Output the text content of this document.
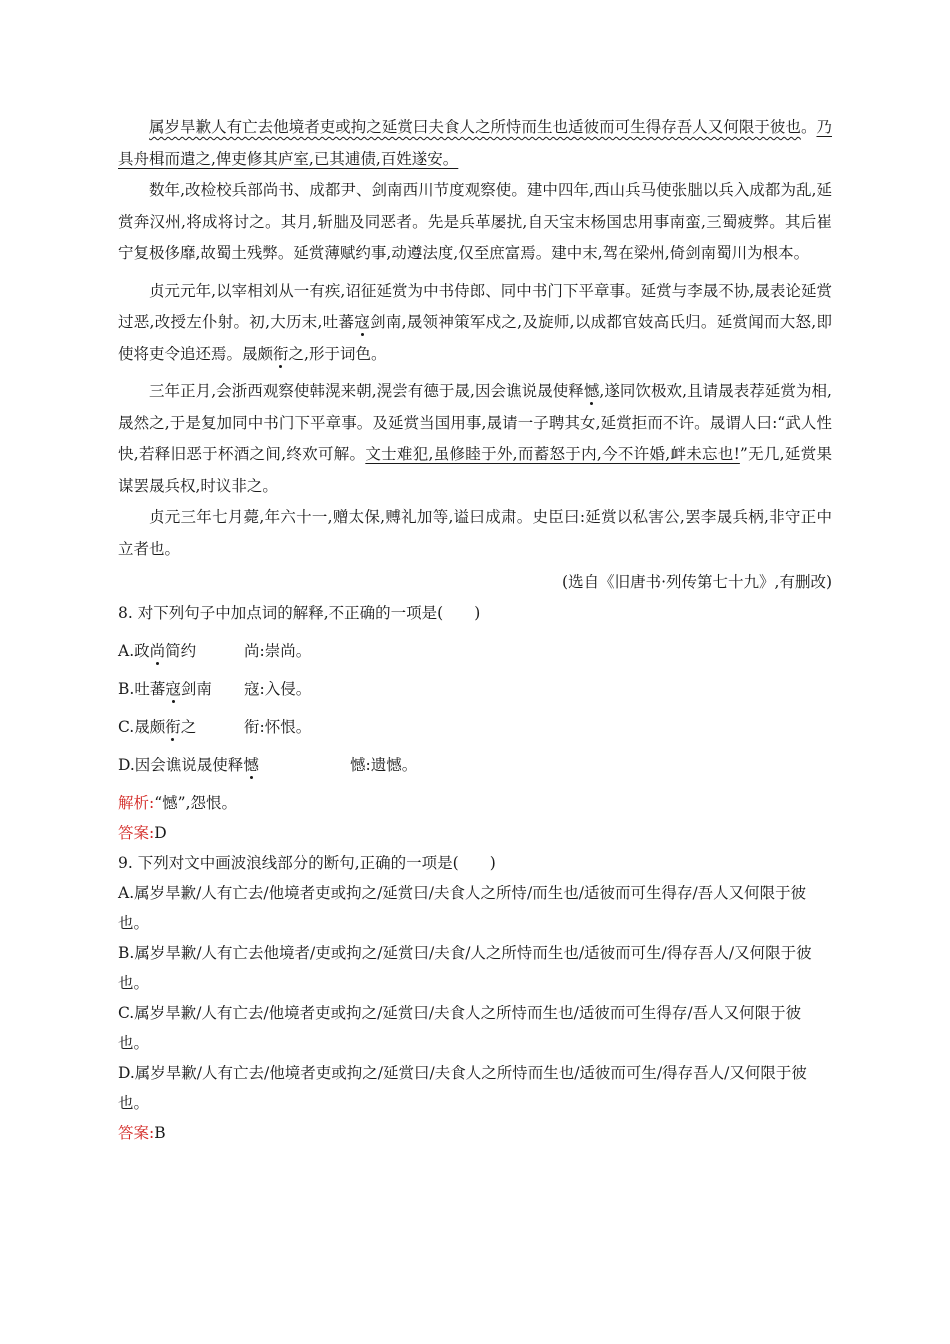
属岁旱歉人有亡去他境者吏或拘之延赏曰夫食人之所恃而生也适彼而可生得存吾人又何限于彼也。乃具舟楫而遣之,俾吏修其庐室,已其逋债,百姓遂安。

数年,改检校兵部尚书、成都尹、剑南西川节度观察使。建中四年,西山兵马使张朏以兵入成都为乱,延赏奔汉州,将成将讨之。其月,斩朏及同恶者。先是兵革屡扰,自天宝末杨国忠用事南蛮,三蜀疲弊。其后崔宁复极侈靡,故蜀土残弊。延赏薄赋约事,动遵法度,仅至庶富焉。建中末,驾在梁州,倚剑南蜀川为根本。

贞元元年,以宰相刘从一有疾,诏征延赏为中书侍郎、同中书门下平章事。延赏与李晟不协,晟表论延赏过恶,改授左仆射。初,大历末,吐蕃寇剑南,晟领神策军戍之,及旋师,以成都官妓高氏归。延赏闻而大怒,即使将吏令追还焉。晟颇衔之,形于词色。

三年正月,会浙西观察使韩滉来朝,滉尝有德于晟,因会谯说晟使释憾,遂同饮极欢,且请晟表荐延赏为相,晟然之,于是复加同中书门下平章事。及延赏当国用事,晟请一子聘其女,延赏拒而不许。晟谓人曰:“武人性快,若释旧恶于杯酒之间,终欢可解。文士难犯,虽修睦于外,而蓄怒于内,今不许婚,衅未忘也!”无几,延赏果谋罢晟兵权,时议非之。

贞元三年七月薨,年六十一,赠太保,赙礼加等,谥曰成肃。史臣曰:延赏以私害公,罢李晟兵柄,非守正中立者也。

(选自《旧唐书·列传第七十九》,有删改)

8. 对下列句子中加点词的解释,不正确的一项是(　　)

A.政尚简约	尚:崇尚。

B.吐蕃寇剑南 寇:入侵。

C.晟颇衔之	衔:怀恨。

D.因会谯说晟使释憾	憾:遗憾。

解析:“憾”,怨恨。

答案:D

9. 下列对文中画波浪线部分的断句,正确的一项是(　　)

A.属岁旱歉/人有亡去/他境者吏或拘之/延赏曰/夫食人之所恃/而生也/适彼而可生得存/吾人又何限于彼也。

B.属岁旱歉/人有亡去他境者/吏或拘之/延赏曰/夫食/人之所恃而生也/适彼而可生/得存吾人/又何限于彼也。

C.属岁旱歉/人有亡去/他境者吏或拘之/延赏曰/夫食人之所恃而生也/适彼而可生得存/吾人又何限于彼也。

D.属岁旱歉/人有亡去/他境者吏或拘之/延赏曰/夫食人之所恃而生也/适彼而可生/得存吾人/又何限于彼也。

答案:B
